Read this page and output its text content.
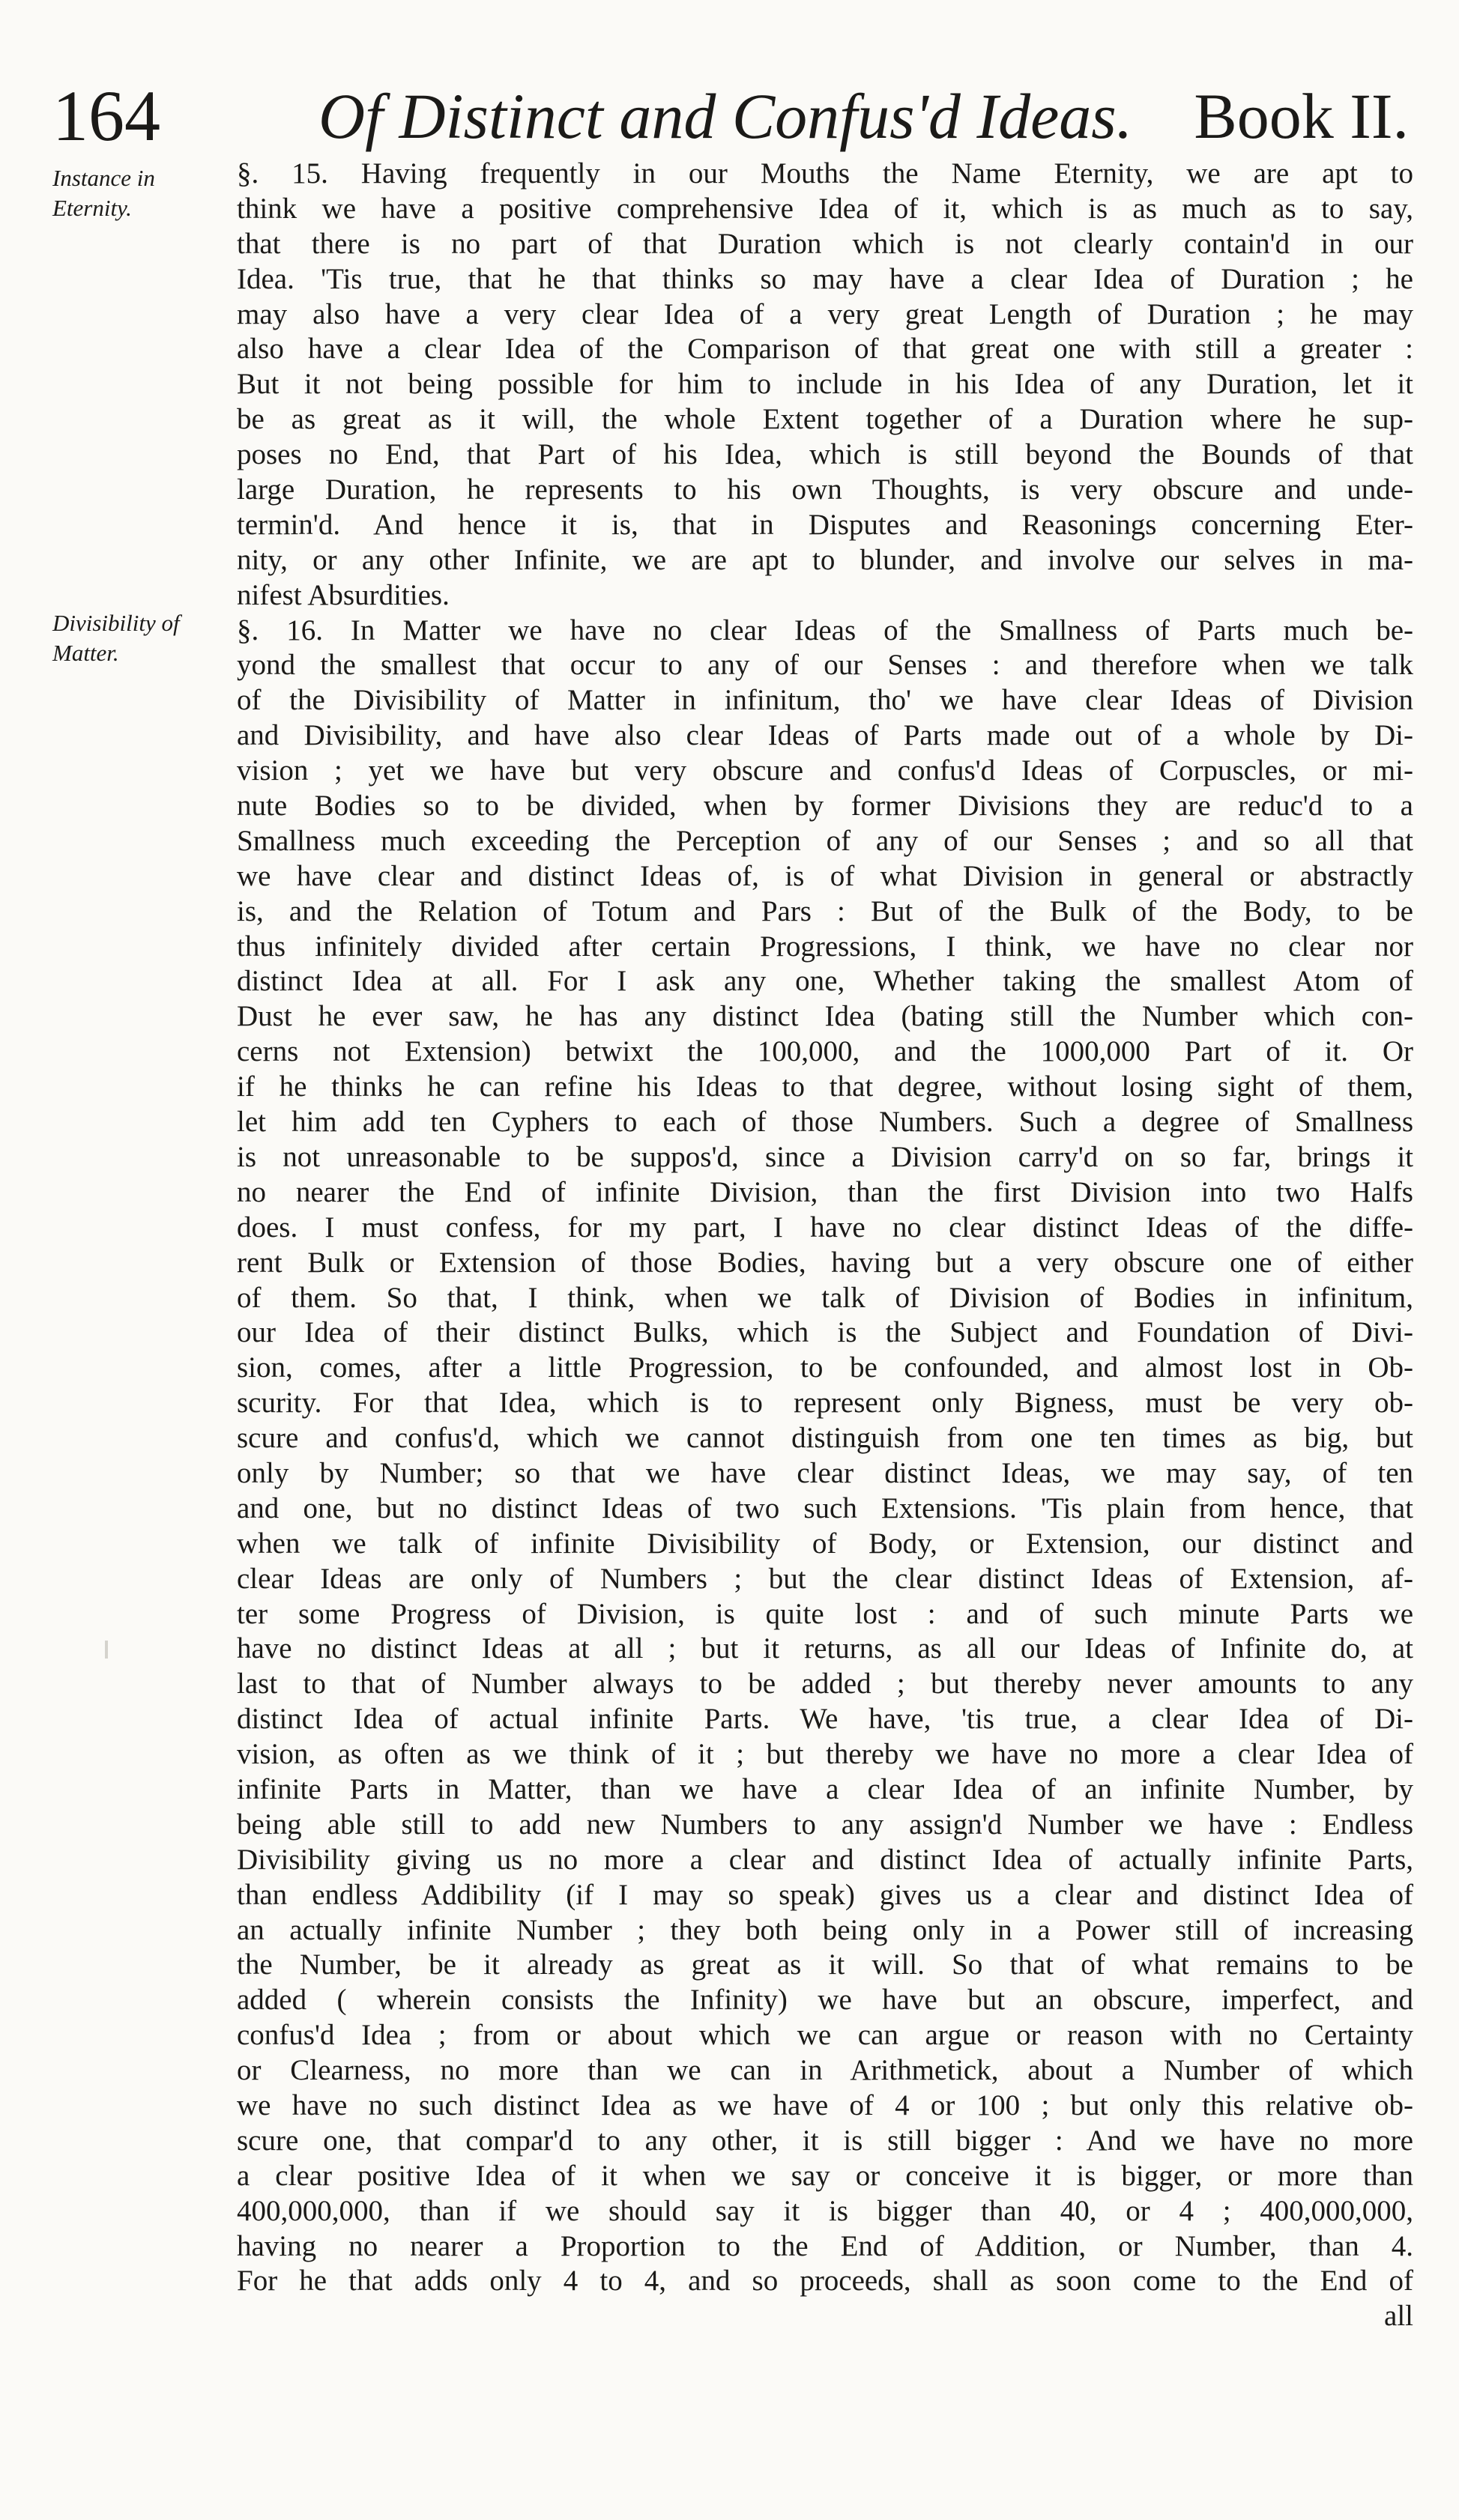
164 Of Distinct and Confus'd Ideas. Book II.
Instance in
Eternity.
Divisibility of
Matter.
§. 15. Having frequently in our Mouths the Name Eternity, we are apt to
think we have a positive comprehensive Idea of it, which is as much as to say,
that there is no part of that Duration which is not clearly contain'd in our
Idea. 'Tis true, that he that thinks so may have a clear Idea of Duration ; he
may also have a very clear Idea of a very great Length of Duration ; he may
also have a clear Idea of the Comparison of that great one with still a greater :
But it not being possible for him to include in his Idea of any Duration, let it
be as great as it will, the whole Extent together of a Duration where he sup-
poses no End, that Part of his Idea, which is still beyond the Bounds of that
large Duration, he represents to his own Thoughts, is very obscure and unde-
termin'd. And hence it is, that in Disputes and Reasonings concerning Eter-
nity, or any other Infinite, we are apt to blunder, and involve our selves in ma-
nifest Absurdities.
§. 16. In Matter we have no clear Ideas of the Smallness of Parts much be-
yond the smallest that occur to any of our Senses : and therefore when we talk
of the Divisibility of Matter in infinitum, tho' we have clear Ideas of Division
and Divisibility, and have also clear Ideas of Parts made out of a whole by Di-
vision ; yet we have but very obscure and confus'd Ideas of Corpuscles, or mi-
nute Bodies so to be divided, when by former Divisions they are reduc'd to a
Smallness much exceeding the Perception of any of our Senses ; and so all that
we have clear and distinct Ideas of, is of what Division in general or abstractly
is, and the Relation of Totum and Pars : But of the Bulk of the Body, to be
thus infinitely divided after certain Progressions, I think, we have no clear nor
distinct Idea at all. For I ask any one, Whether taking the smallest Atom of
Dust he ever saw, he has any distinct Idea (bating still the Number which con-
cerns not Extension) betwixt the 100,000, and the 1000,000 Part of it. Or
if he thinks he can refine his Ideas to that degree, without losing sight of them,
let him add ten Cyphers to each of those Numbers. Such a degree of Smallness
is not unreasonable to be suppos'd, since a Division carry'd on so far, brings it
no nearer the End of infinite Division, than the first Division into two Halfs
does. I must confess, for my part, I have no clear distinct Ideas of the diffe-
rent Bulk or Extension of those Bodies, having but a very obscure one of either
of them. So that, I think, when we talk of Division of Bodies in infinitum,
our Idea of their distinct Bulks, which is the Subject and Foundation of Divi-
sion, comes, after a little Progression, to be confounded, and almost lost in Ob-
scurity. For that Idea, which is to represent only Bigness, must be very ob-
scure and confus'd, which we cannot distinguish from one ten times as big, but
only by Number; so that we have clear distinct Ideas, we may say, of ten
and one, but no distinct Ideas of two such Extensions. 'Tis plain from hence, that
when we talk of infinite Divisibility of Body, or Extension, our distinct and
clear Ideas are only of Numbers ; but the clear distinct Ideas of Extension, af-
ter some Progress of Division, is quite lost : and of such minute Parts we
have no distinct Ideas at all ; but it returns, as all our Ideas of Infinite do, at
last to that of Number always to be added ; but thereby never amounts to any
distinct Idea of actual infinite Parts. We have, 'tis true, a clear Idea of Di-
vision, as often as we think of it ; but thereby we have no more a clear Idea of
infinite Parts in Matter, than we have a clear Idea of an infinite Number, by
being able still to add new Numbers to any assign'd Number we have : Endless
Divisibility giving us no more a clear and distinct Idea of actually infinite Parts,
than endless Addibility (if I may so speak) gives us a clear and distinct Idea of
an actually infinite Number ; they both being only in a Power still of increasing
the Number, be it already as great as it will. So that of what remains to be
added ( wherein consists the Infinity) we have but an obscure, imperfect, and
confus'd Idea ; from or about which we can argue or reason with no Certainty
or Clearness, no more than we can in Arithmetick, about a Number of which
we have no such distinct Idea as we have of 4 or 100 ; but only this relative ob-
scure one, that compar'd to any other, it is still bigger : And we have no more
a clear positive Idea of it when we say or conceive it is bigger, or more than
400,000,000, than if we should say it is bigger than 40, or 4 ; 400,000,000,
having no nearer a Proportion to the End of Addition, or Number, than 4.
For he that adds only 4 to 4, and so proceeds, shall as soon come to the End of
all
